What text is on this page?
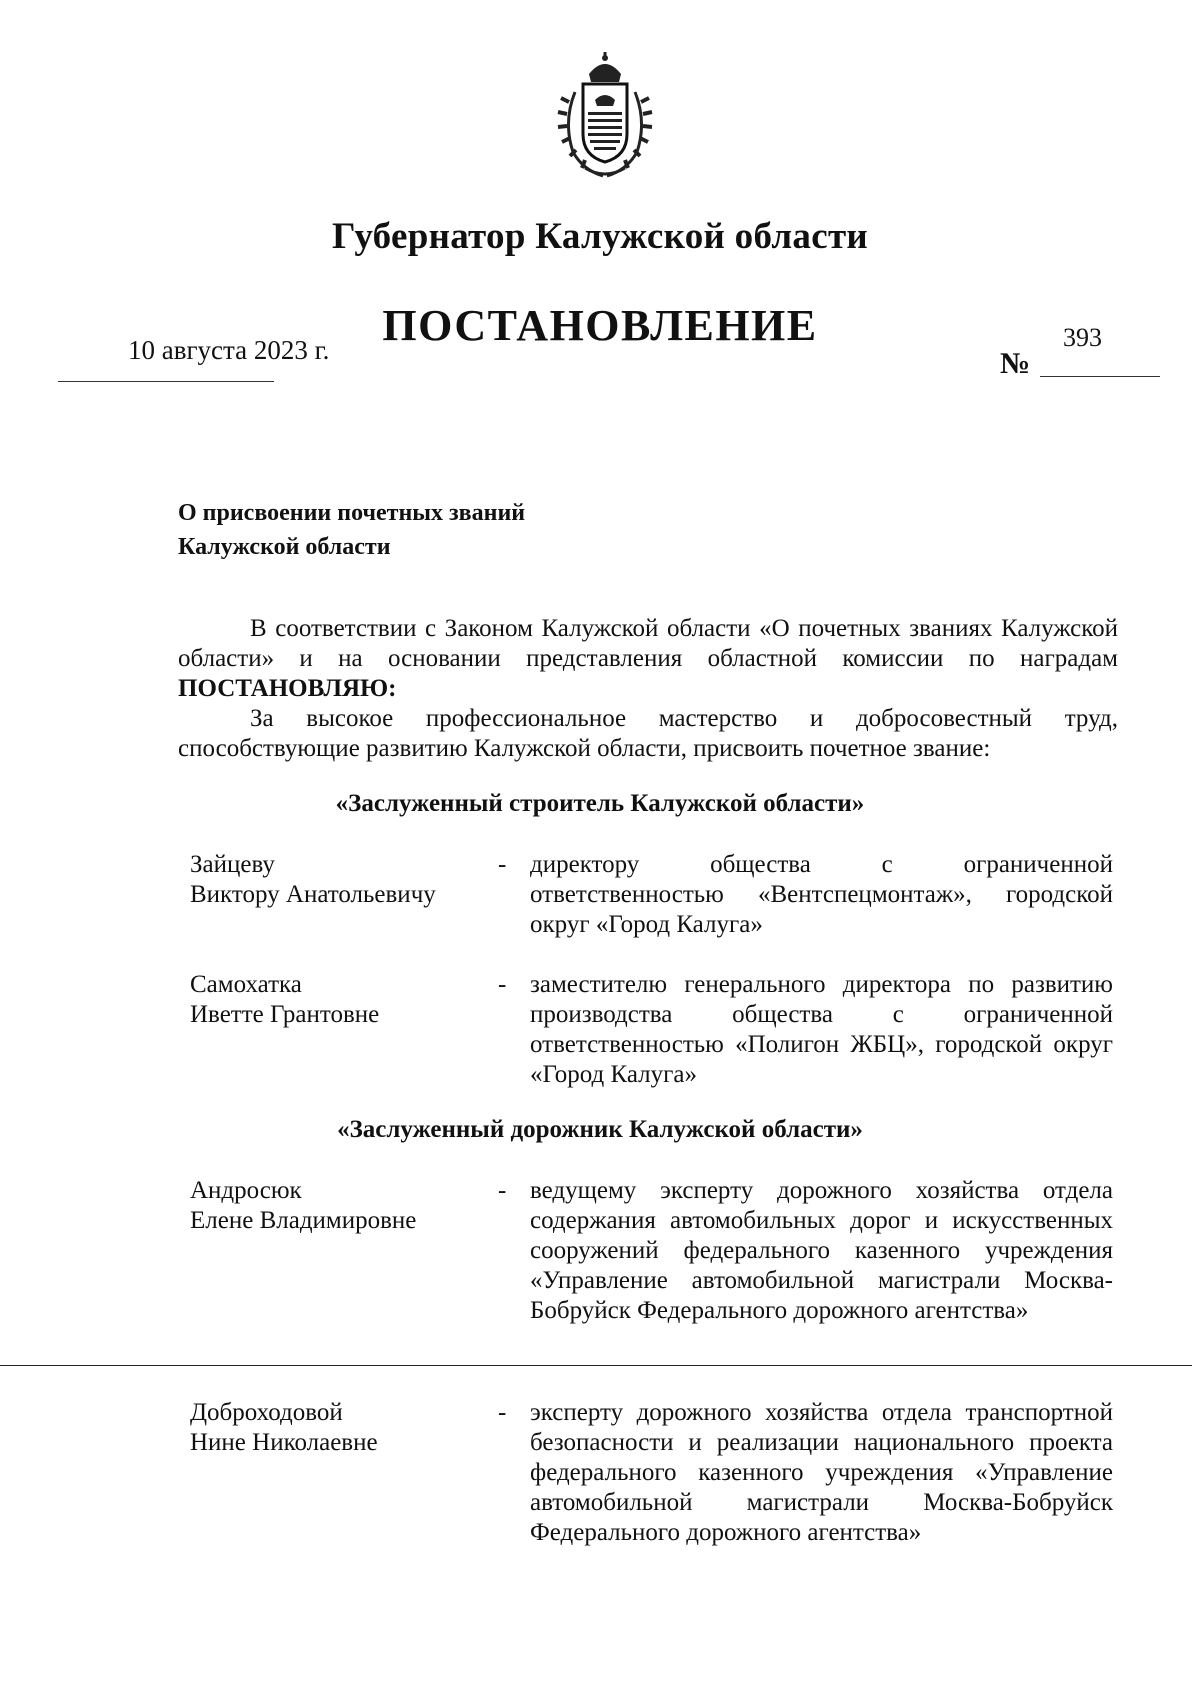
Губернатор Калужской области
ПОСТАНОВЛЕНИЕ
10 августа 2023 г.	393
№
О присвоении почетных званий
Калужской области

В соответствии с Законом Калужской области «О почетных званиях Калужской области» и на основании представления областной комиссии по наградам ПОСТАНОВЛЯЮ:

За высокое профессиональное мастерство и добросовестный труд, способствующие развитию Калужской области, присвоить почетное звание:

«Заслуженный строитель Калужской области»
Зайцеву
Виктору Анатольевичу
- директору общества с ограниченной ответственностью «Вентспецмонтаж», городской округ «Город Калуга»
Самохатка
Иветте Грантовне
- заместителю генерального директора по развитию производства общества с ограниченной ответственностью «Полигон ЖБЦ», городской округ «Город Калуга»
«Заслуженный дорожник Калужской области»
Андросюк
Елене Владимировне
- ведущему эксперту дорожного хозяйства отдела содержания автомобильных дорог и искусственных сооружений федерального казенного учреждения «Управление автомобильной магистрали Москва-Бобруйск Федерального дорожного агентства»
Доброходовой
Нине Николаевне
- эксперту дорожного хозяйства отдела транспортной безопасности и реализации национального проекта федерального казенного учреждения «Управление автомобильной магистрали Москва-Бобруйск Федерального дорожного агентства»
